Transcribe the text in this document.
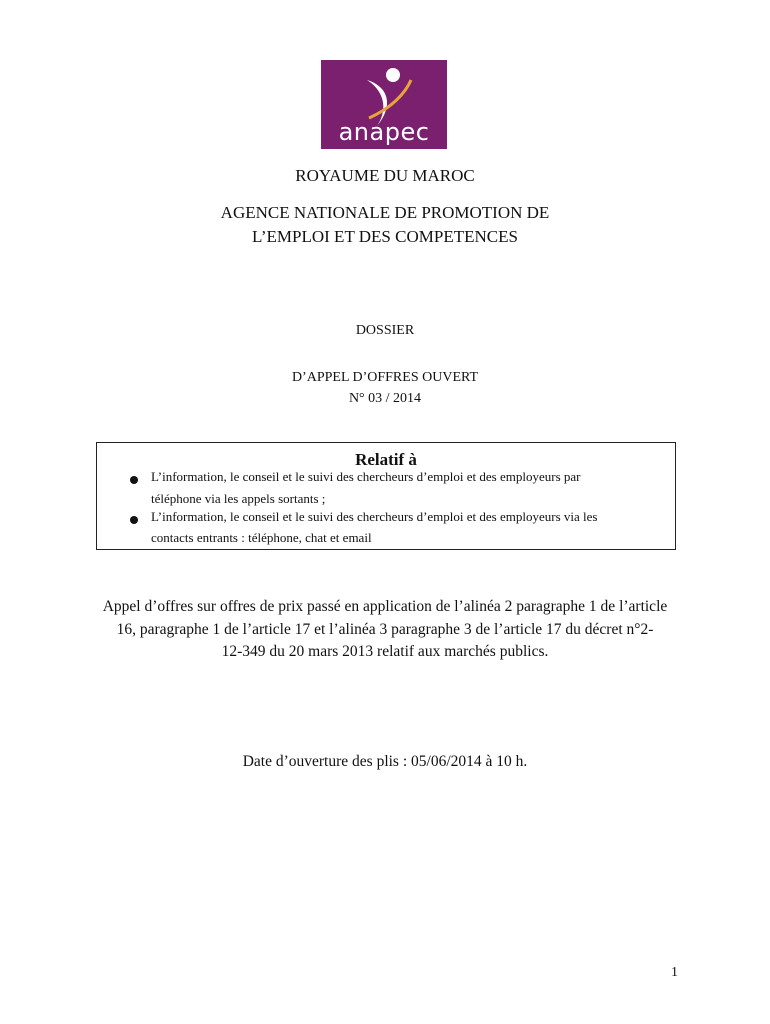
anapec
ROYAUME DU MAROC
AGENCE NATIONALE DE PROMOTION DE
L’EMPLOI ET DES COMPETENCES
DOSSIER
D’APPEL D’OFFRES OUVERT
N° 03 / 2014
Relatif à
L’information, le conseil et le suivi des chercheurs d’emploi et des employeurs par
téléphone via les appels sortants ;
L’information, le conseil et le suivi des chercheurs d’emploi et des employeurs via les
contacts entrants : téléphone, chat et email
Appel d’offres sur offres de prix passé en application de l’alinéa 2 paragraphe 1 de l’article
16, paragraphe 1 de l’article 17 et l’alinéa 3 paragraphe 3 de l’article 17 du décret n°2-
12-349 du 20 mars 2013 relatif aux marchés publics.
Date d’ouverture des plis : 05/06/2014 à 10 h.
1
